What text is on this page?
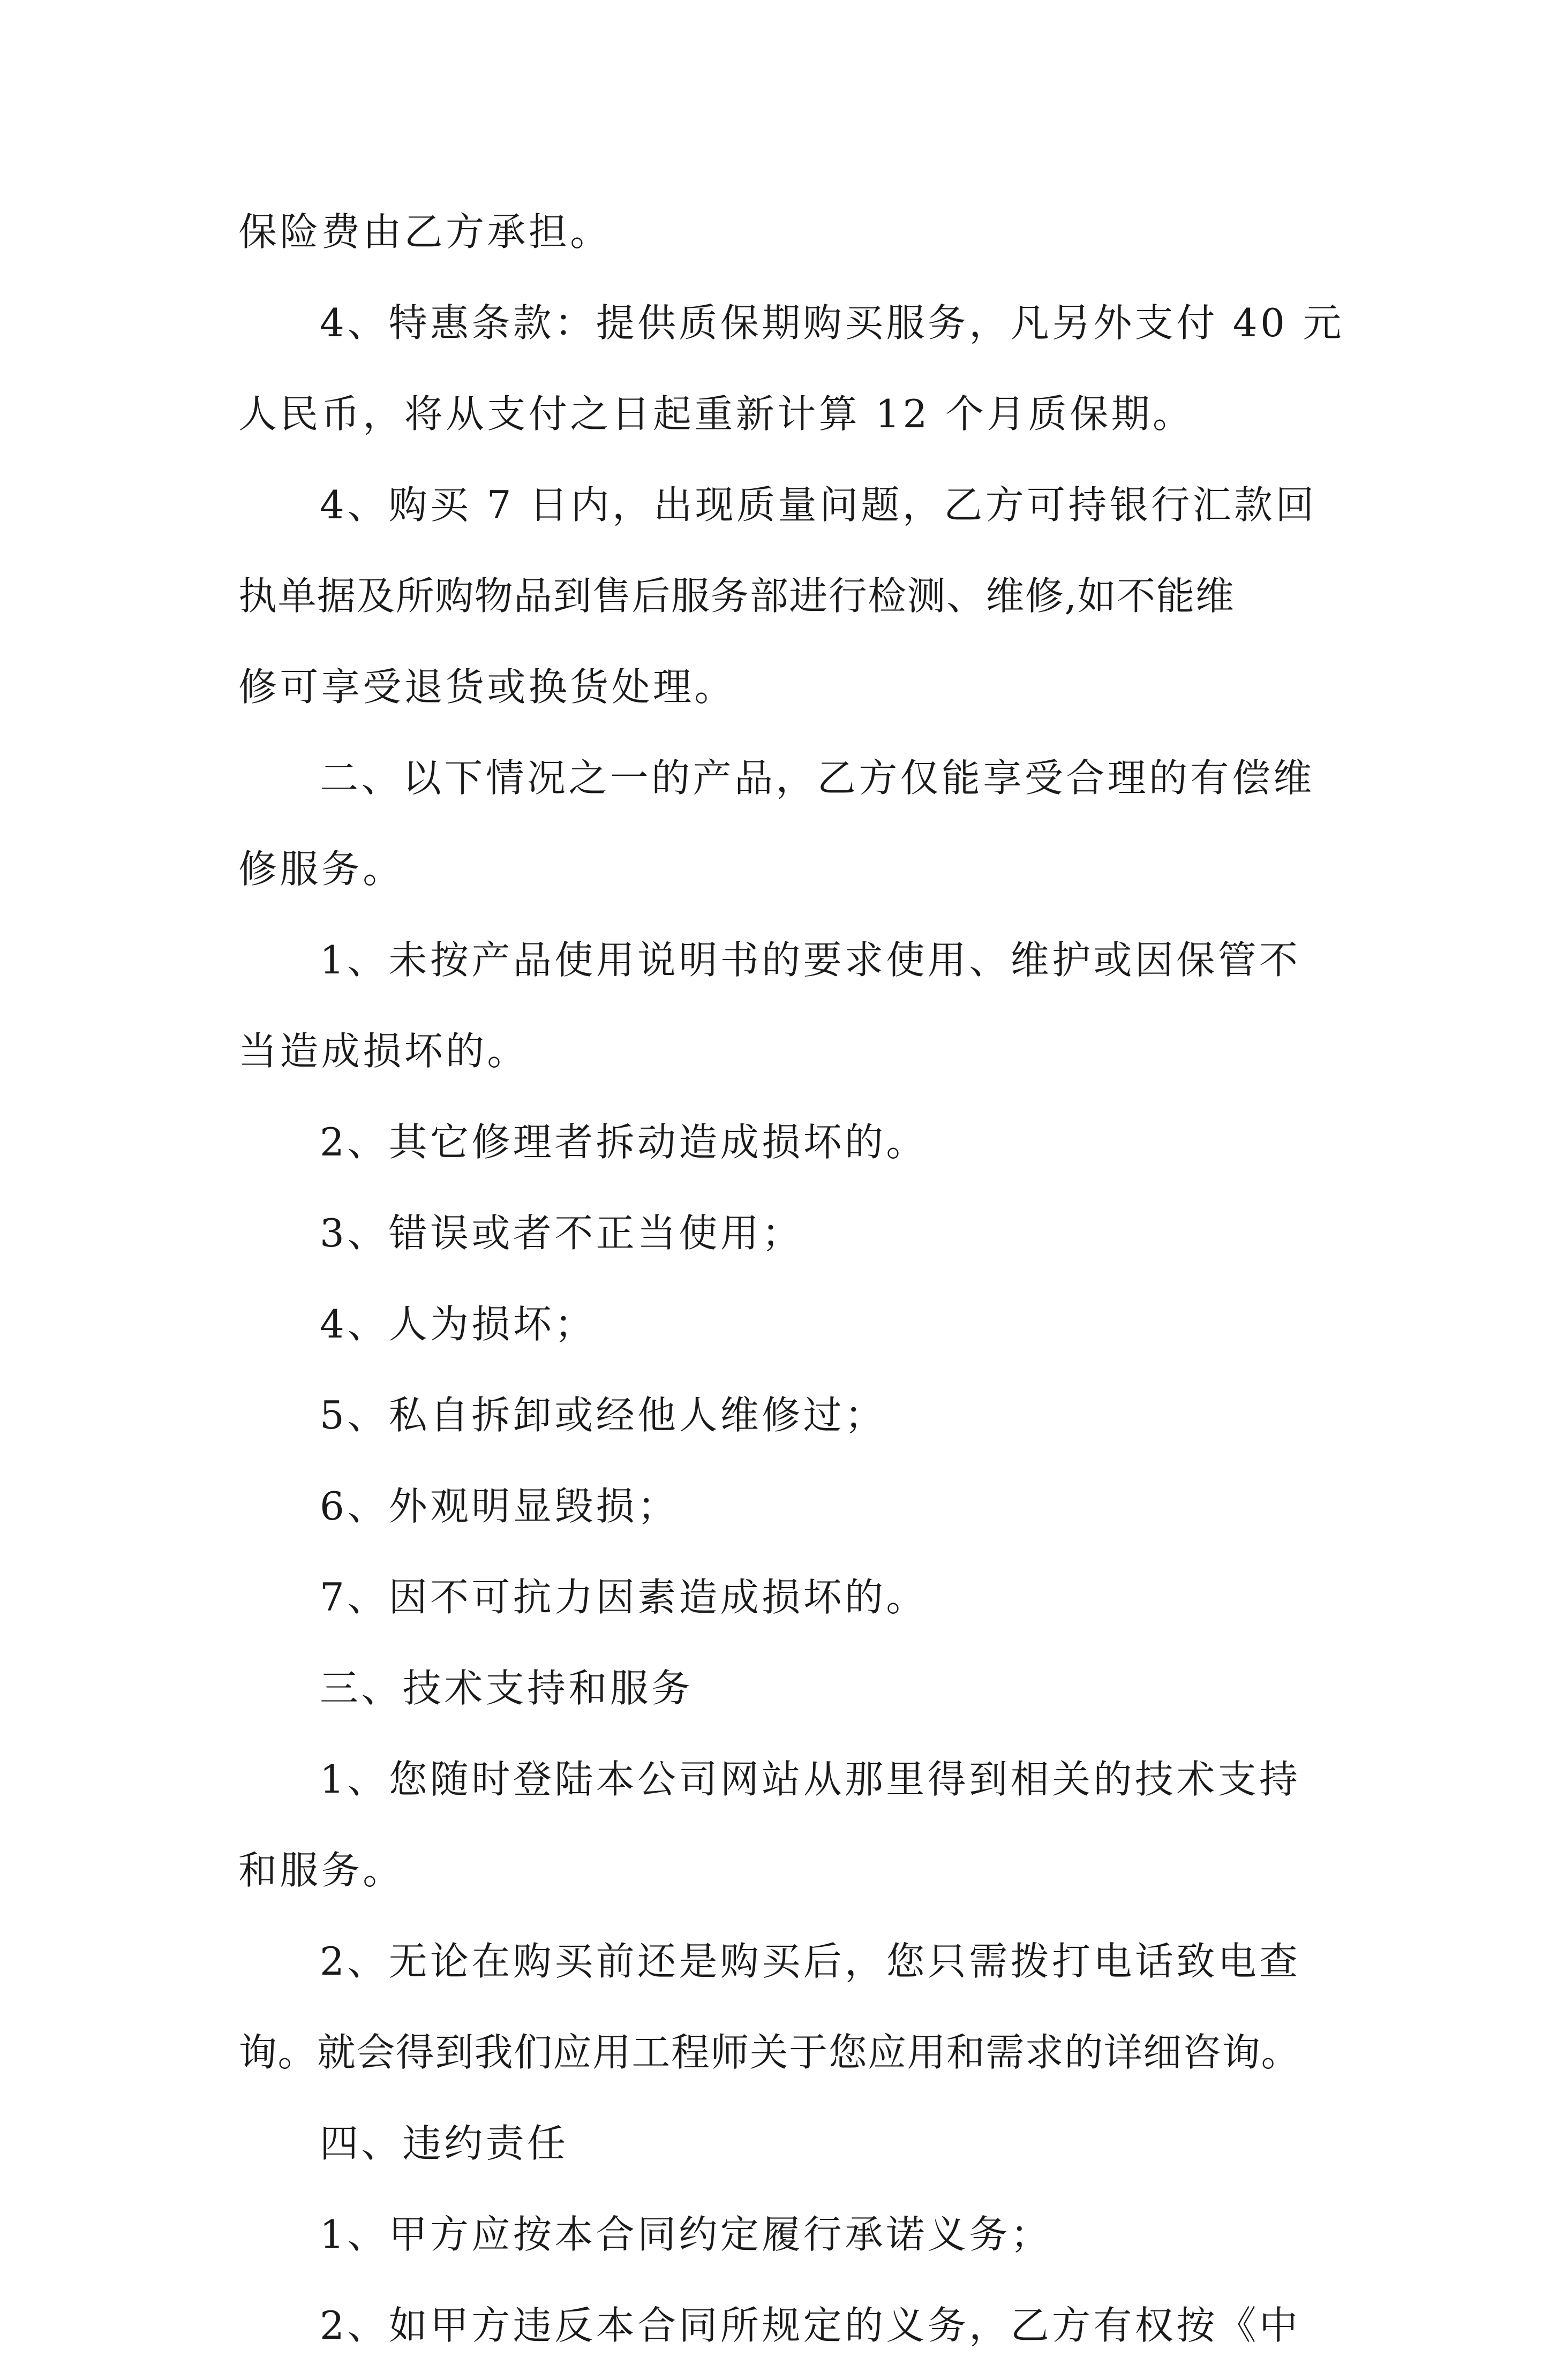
保险费由乙方承担。
4、特惠条款：提供质保期购买服务，凡另外支付 40 元
人民币，将从支付之日起重新计算 12 个月质保期。
4、购买 7 日内，出现质量问题，乙方可持银行汇款回
执单据及所购物品到售后服务部进行检测、维修,如不能维
修可享受退货或换货处理。
二、以下情况之一的产品，乙方仅能享受合理的有偿维
修服务。
1、未按产品使用说明书的要求使用、维护或因保管不
当造成损坏的。
2、其它修理者拆动造成损坏的。
3、错误或者不正当使用；
4、人为损坏；
5、私自拆卸或经他人维修过；
6、外观明显毁损；
7、因不可抗力因素造成损坏的。
三、技术支持和服务
1、您随时登陆本公司网站从那里得到相关的技术支持
和服务。
2、无论在购买前还是购买后，您只需拨打电话致电查
询。就会得到我们应用工程师关于您应用和需求的详细咨询。
四、违约责任
1、甲方应按本合同约定履行承诺义务；
2、如甲方违反本合同所规定的义务，乙方有权按《中
